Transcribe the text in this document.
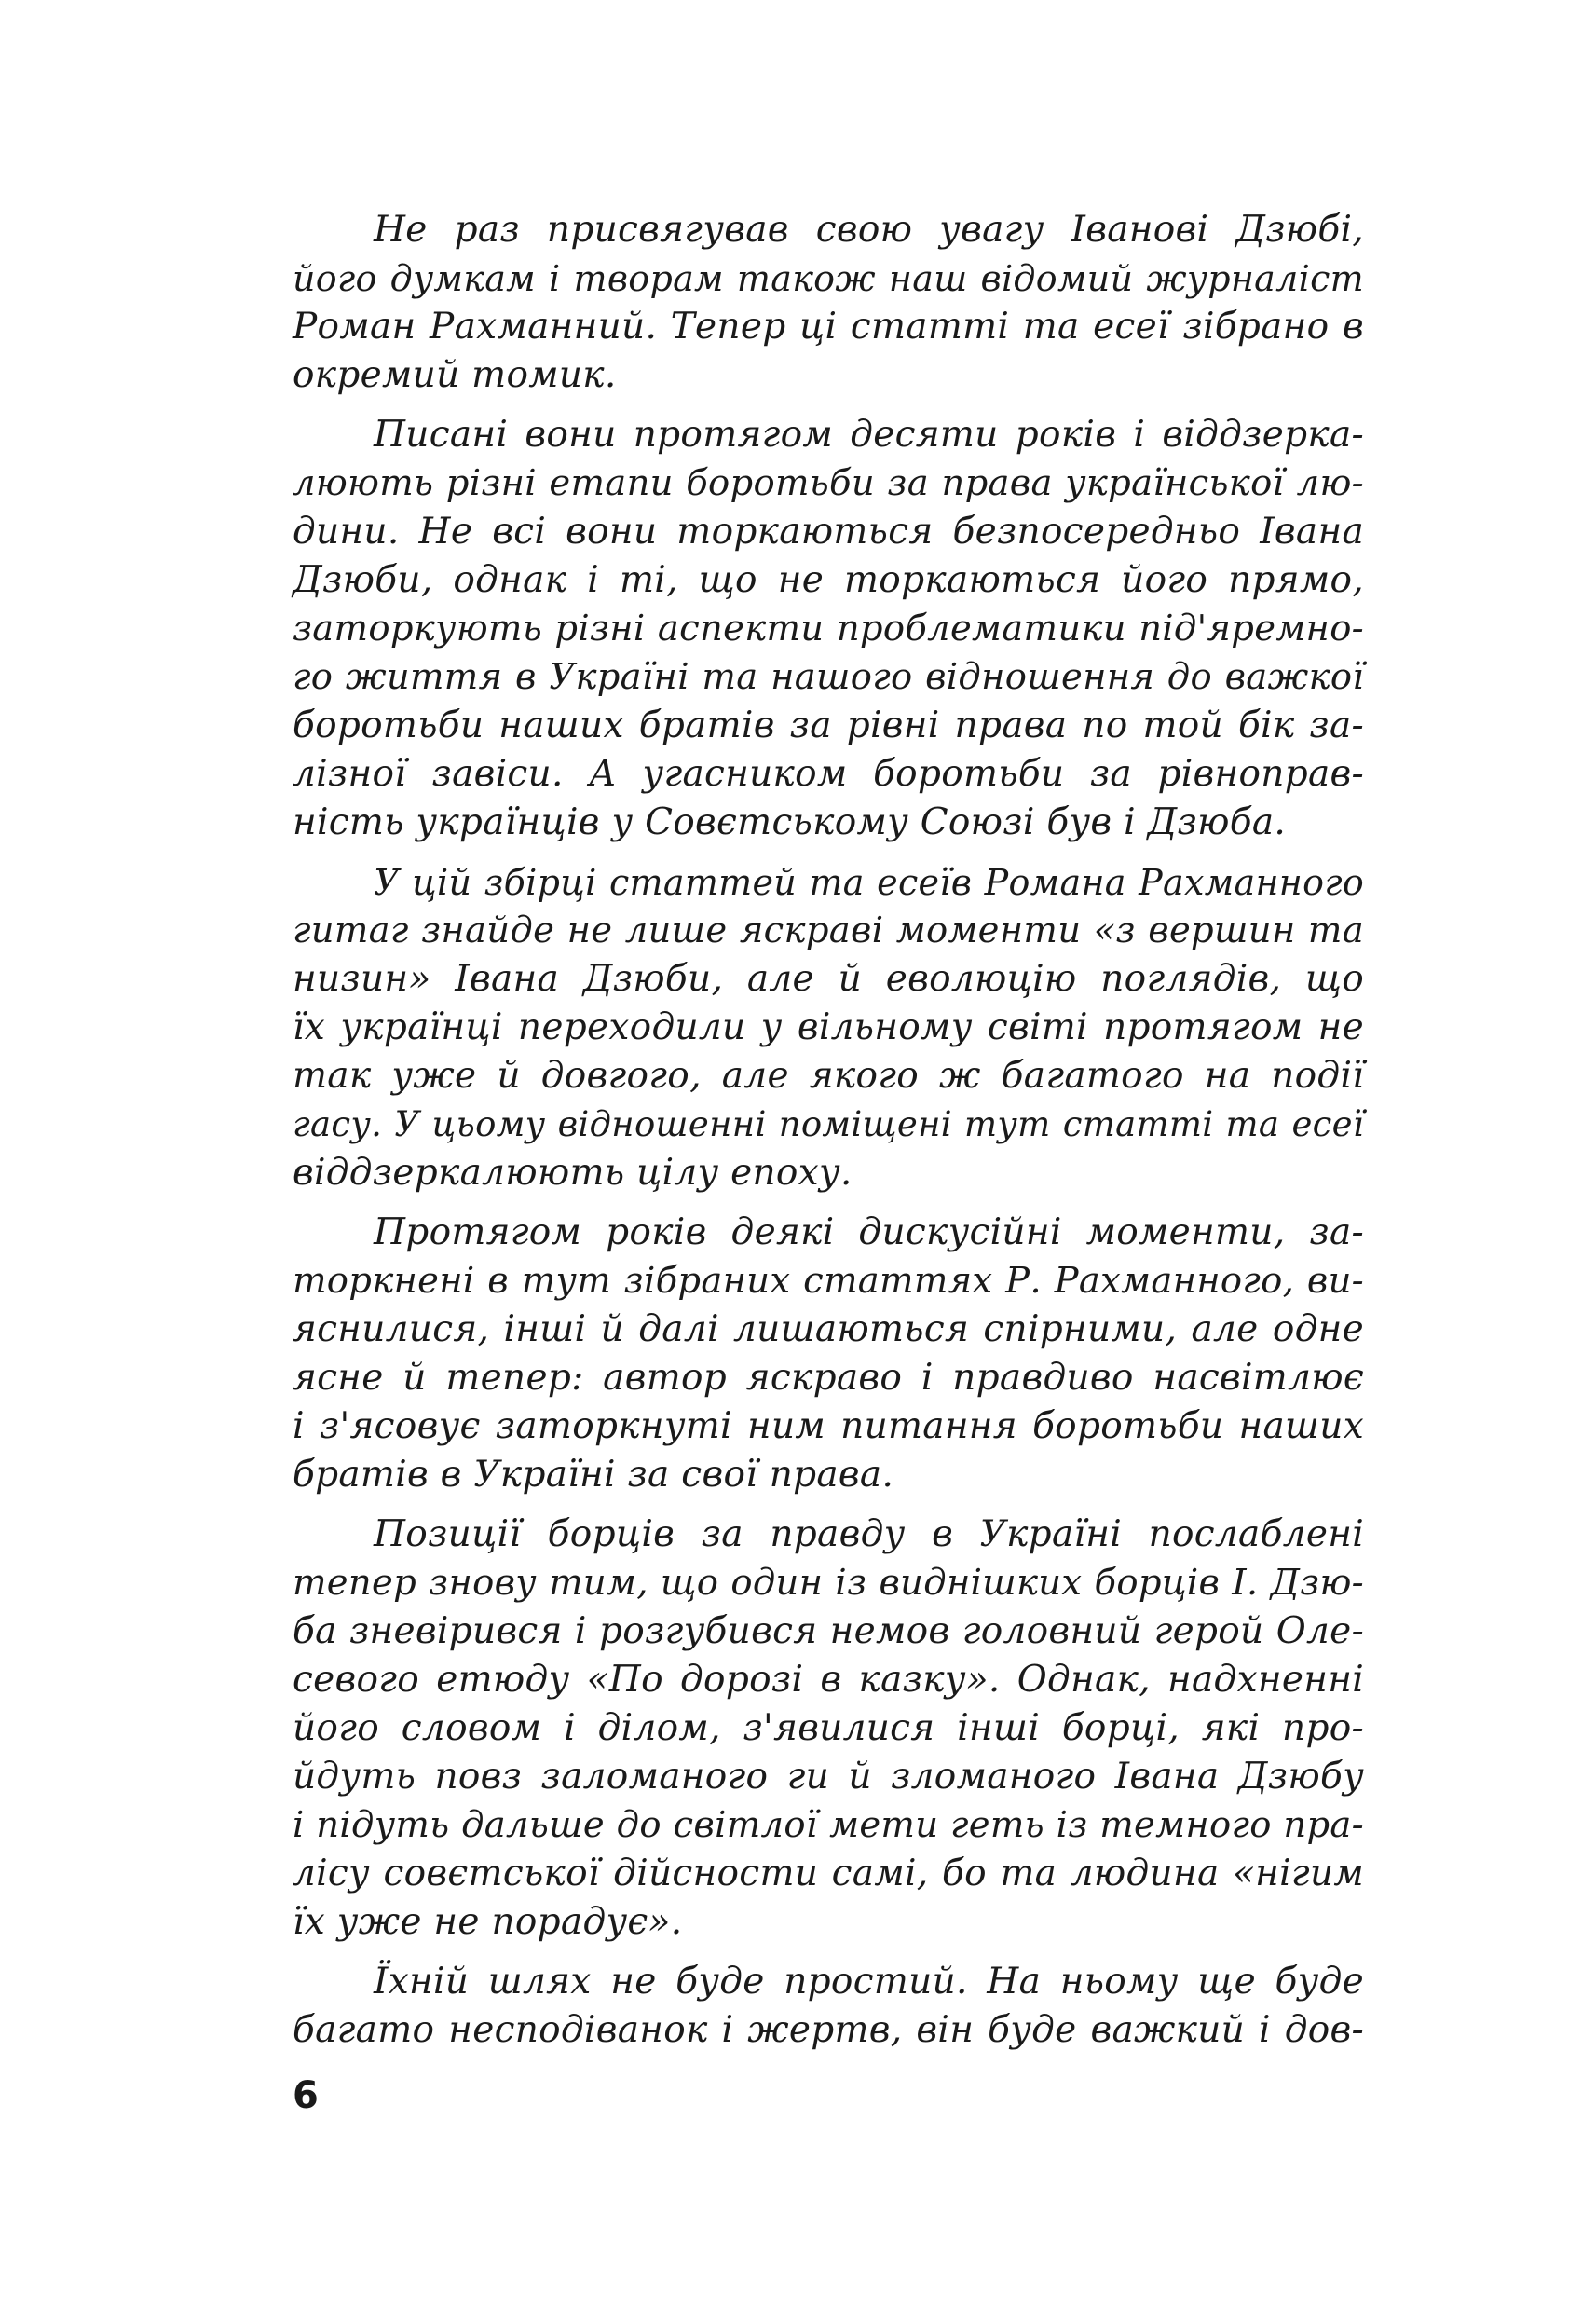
Не раз присвягував свою увагу Іванові Дзюбі,
його думкам і творам також наш відомий журналіст
Роман Рахманний. Тепер ці статті та есеї зібрано в
окремий томик.
Писані вони протягом десяти років і віддзерка-
люють різні етапи боротьби за права української лю-
дини. Не всі вони торкаються безпосередньо Івана
Дзюби, однак і ті, що не торкаються його прямо,
заторкують різні аспекти проблематики під'яремно-
го життя в Україні та нашого відношення до важкої
боротьби наших братів за рівні права по той бік за-
лізної завіси. А угасником боротьби за рівноправ-
ність українців у Совєтському Союзі був і Дзюба.
У цій збірці статтей та есеїв Романа Рахманного
гитаг знайде не лише яскраві моменти «з вершин та
низин» Івана Дзюби, але й еволюцію поглядів, що
їх українці переходили у вільному світі протягом не
так уже й довгого, але якого ж багатого на події
гасу. У цьому відношенні поміщені тут статті та есеї
віддзеркалюють цілу епоху.
Протягом років деякі дискусійні моменти, за-
торкнені в тут зібраних статтях Р. Рахманного, ви-
яснилися, інші й далі лишаються спірними, але одне
ясне й тепер: автор яскраво і правдиво насвітлює
і з'ясовує заторкнуті ним питання боротьби наших
братів в Україні за свої права.
Позиції борців за правду в Україні послаблені
тепер знову тим, що один із виднішких борців І. Дзю-
ба зневірився і розгубився немов головний герой Оле-
севого етюду «По дорозі в казку». Однак, надхненні
його словом і ділом, з'явилися інші борці, які про-
йдуть повз заломаного ги й зломаного Івана Дзюбу
і підуть дальше до світлої мети геть із темного пра-
лісу совєтської дійсности самі, бо та людина «нігим
їх уже не порадує».
Їхній шлях не буде простий. На ньому ще буде
багато несподіванок і жертв, він буде важкий і дов-
6
